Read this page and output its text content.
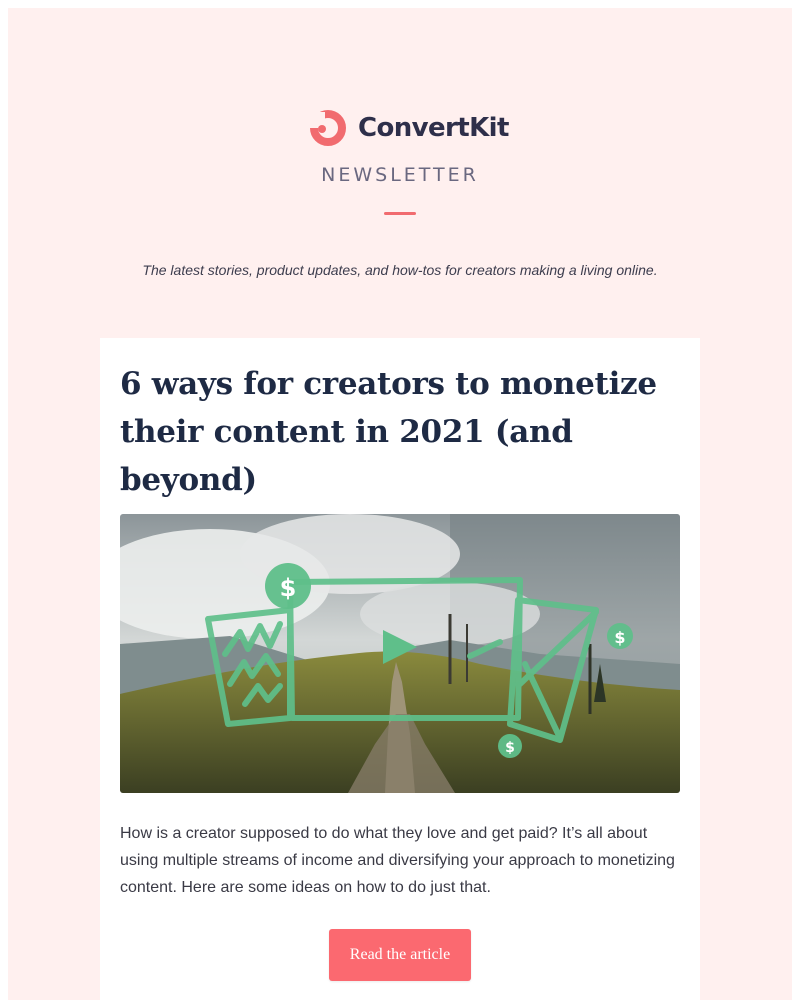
ConvertKit
NEWSLETTER
The latest stories, product updates, and how-tos for creators making a living online.
6 ways for creators to monetize their content in 2021 (and beyond)
$
$
$

How is a creator supposed to do what they love and get paid? It’s all about using multiple streams of income and diversifying your approach to monetizing content. Here are some ideas on how to do just that.

Read the article
